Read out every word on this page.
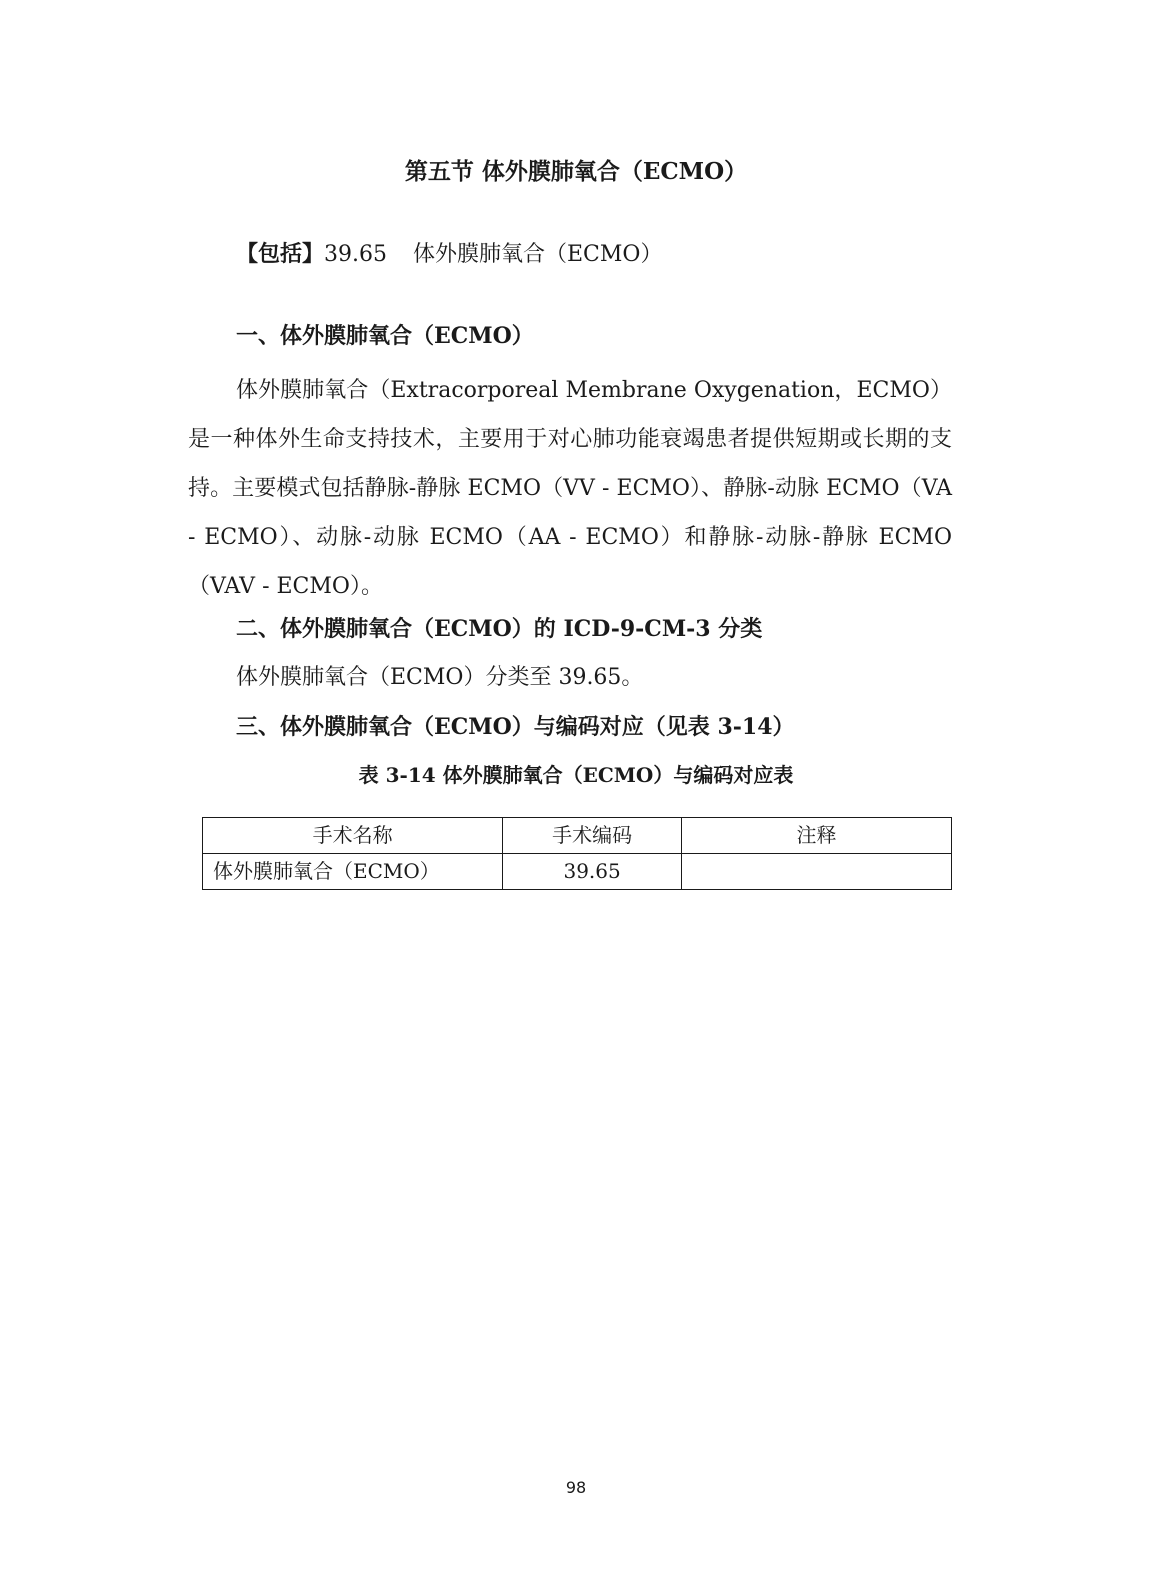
第五节 体外膜肺氧合（ECMO）
【包括】39.65 体外膜肺氧合（ECMO）
一、体外膜肺氧合（ECMO）

体外膜肺氧合（Extracorporeal Membrane Oxygenation，ECMO）是一种体外生命支持技术，主要用于对心肺功能衰竭患者提供短期或长期的支持。主要模式包括静脉-静脉 ECMO（VV - ECMO）、静脉-动脉 ECMO（VA - ECMO）、动脉-动脉 ECMO（AA - ECMO）和静脉-动脉-静脉 ECMO（VAV - ECMO）。

二、体外膜肺氧合（ECMO）的 ICD-9-CM-3 分类
体外膜肺氧合（ECMO）分类至 39.65。
三、体外膜肺氧合（ECMO）与编码对应（见表 3-14）
表 3-14 体外膜肺氧合（ECMO）与编码对应表
手术名称	手术编码	注释
体外膜肺氧合（ECMO）	39.65	
98
